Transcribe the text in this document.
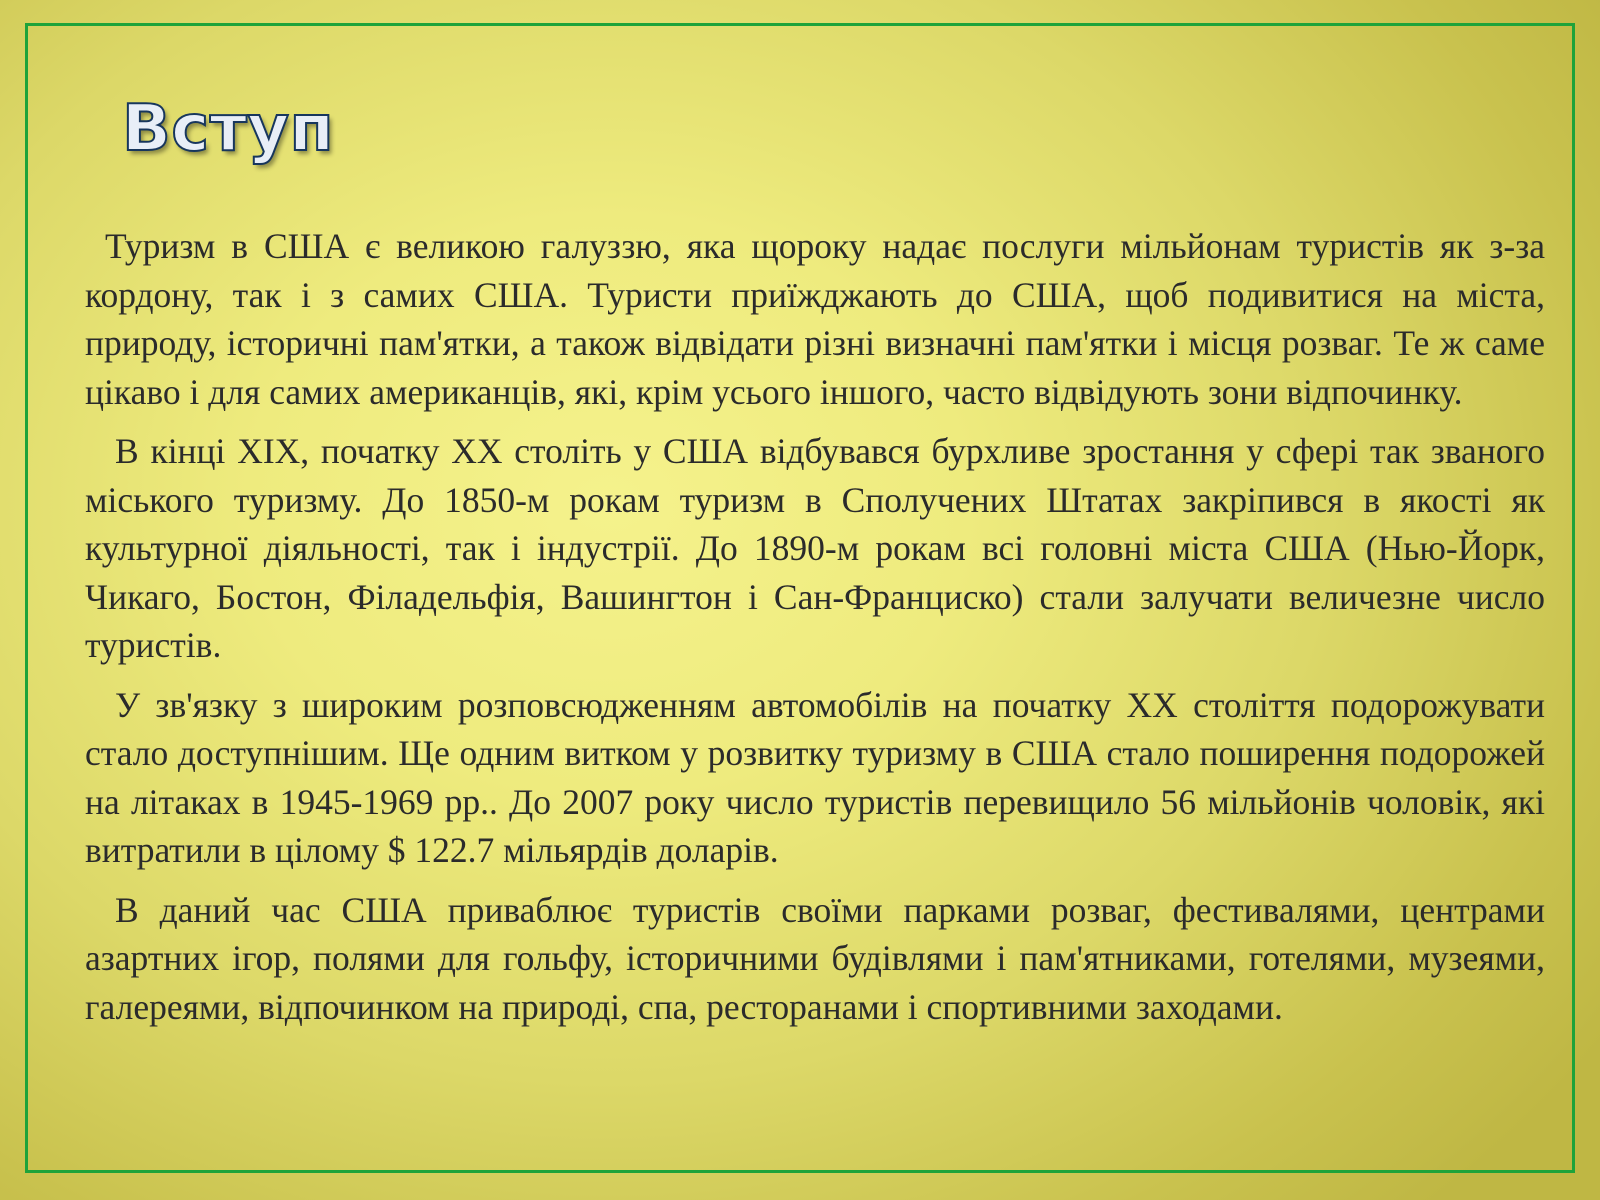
Вступ

Туризм в США є великою галуззю, яка щороку надає послуги мільйонам туристів як з-за кордону, так і з самих США. Туристи приїжджають до США, щоб подивитися на міста, природу, історичні пам'ятки, а також відвідати різні визначні пам'ятки і місця розваг. Те ж саме цікаво і для самих американців, які, крім усього іншого, часто відвідують зони відпочинку.

В кінці XIX, початку XX століть у США відбувався бурхливе зростання у сфері так званого міського туризму. До 1850-м рокам туризм в Сполучених Штатах закріпився в якості як культурної діяльності, так і індустрії. До 1890-м рокам всі головні міста США (Нью-Йорк, Чикаго, Бостон, Філадельфія, Вашингтон і Сан-Франциско) стали залучати величезне число туристів.

У зв'язку з широким розповсюдженням автомобілів на початку XX століття подорожувати стало доступнішим. Ще одним витком у розвитку туризму в США стало поширення подорожей на літаках в 1945-1969 рр.. До 2007 року число туристів перевищило 56 мільйонів чоловік, які витратили в цілому $ 122.7 мільярдів доларів.

В даний час США приваблює туристів своїми парками розваг, фестивалями, центрами азартних ігор, полями для гольфу, історичними будівлями і пам'ятниками, готелями, музеями, галереями, відпочинком на природі, спа, ресторанами і спортивними заходами.
